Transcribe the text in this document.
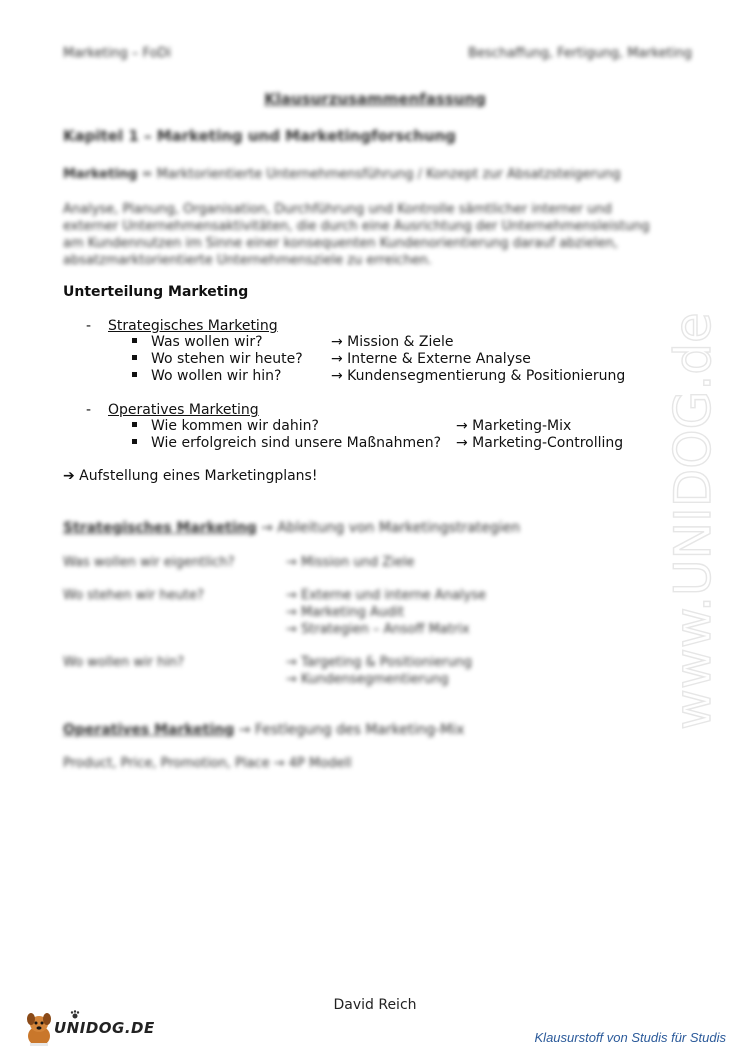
Marketing – FoDi	Beschaffung, Fertigung, Marketing
Klausurzusammenfassung
Kapitel 1 – Marketing und Marketingforschung
Marketing = Marktorientierte Unternehmensführung / Konzept zur Absatzsteigerung
Analyse, Planung, Organisation, Durchführung und Kontrolle sämtlicher interner und
externer Unternehmensaktivitäten, die durch eine Ausrichtung der Unternehmensleistung
am Kundennutzen im Sinne einer konsequenten Kundenorientierung darauf abzielen,
absatzmarktorientierte Unternehmensziele zu erreichen.
Unterteilung Marketing
- Strategisches Marketing
Was wollen wir?	→ Mission & Ziele
Wo stehen wir heute? → Interne & Externe Analyse
Wo wollen wir hin?	→ Kundensegmentierung & Positionierung
- Operatives Marketing
Wie kommen wir dahin?	→ Marketing-Mix
Wie erfolgreich sind unsere Maßnahmen? → Marketing-Controlling
➔ Aufstellung eines Marketingplans!
Strategisches Marketing → Ableitung von Marketingstrategien
Was wollen wir eigentlich?	→ Mission und Ziele
Wo stehen wir heute?	→ Externe und interne Analyse
→ Marketing Audit
→ Strategien – Ansoff Matrix
Wo wollen wir hin?	→ Targeting & Positionierung
→ Kundensegmentierung
Operatives Marketing → Festlegung des Marketing-Mix
Product, Price, Promotion, Place → 4P Modell
www.UNIDOG.de
David Reich
UNIDOG.DE
Klausurstoff von Studis für Studis
